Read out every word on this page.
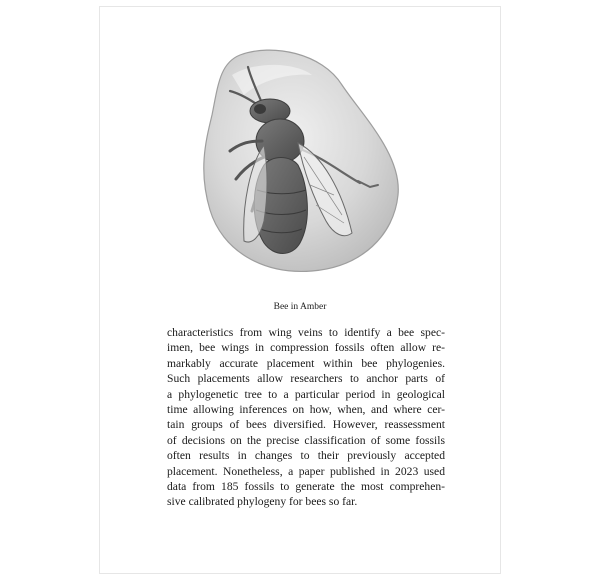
Bee in Amber
characteristics from wing veins to identify a bee spec-
imen, bee wings in compression fossils often allow re-
markably accurate placement within bee phylogenies.
Such placements allow researchers to anchor parts of
a phylogenetic tree to a particular period in geological
time allowing inferences on how, when, and where cer-
tain groups of bees diversified. However, reassessment
of decisions on the precise classification of some fossils
often results in changes to their previously accepted
placement. Nonetheless, a paper published in 2023 used
data from 185 fossils to generate the most comprehen-
sive calibrated phylogeny for bees so far.
